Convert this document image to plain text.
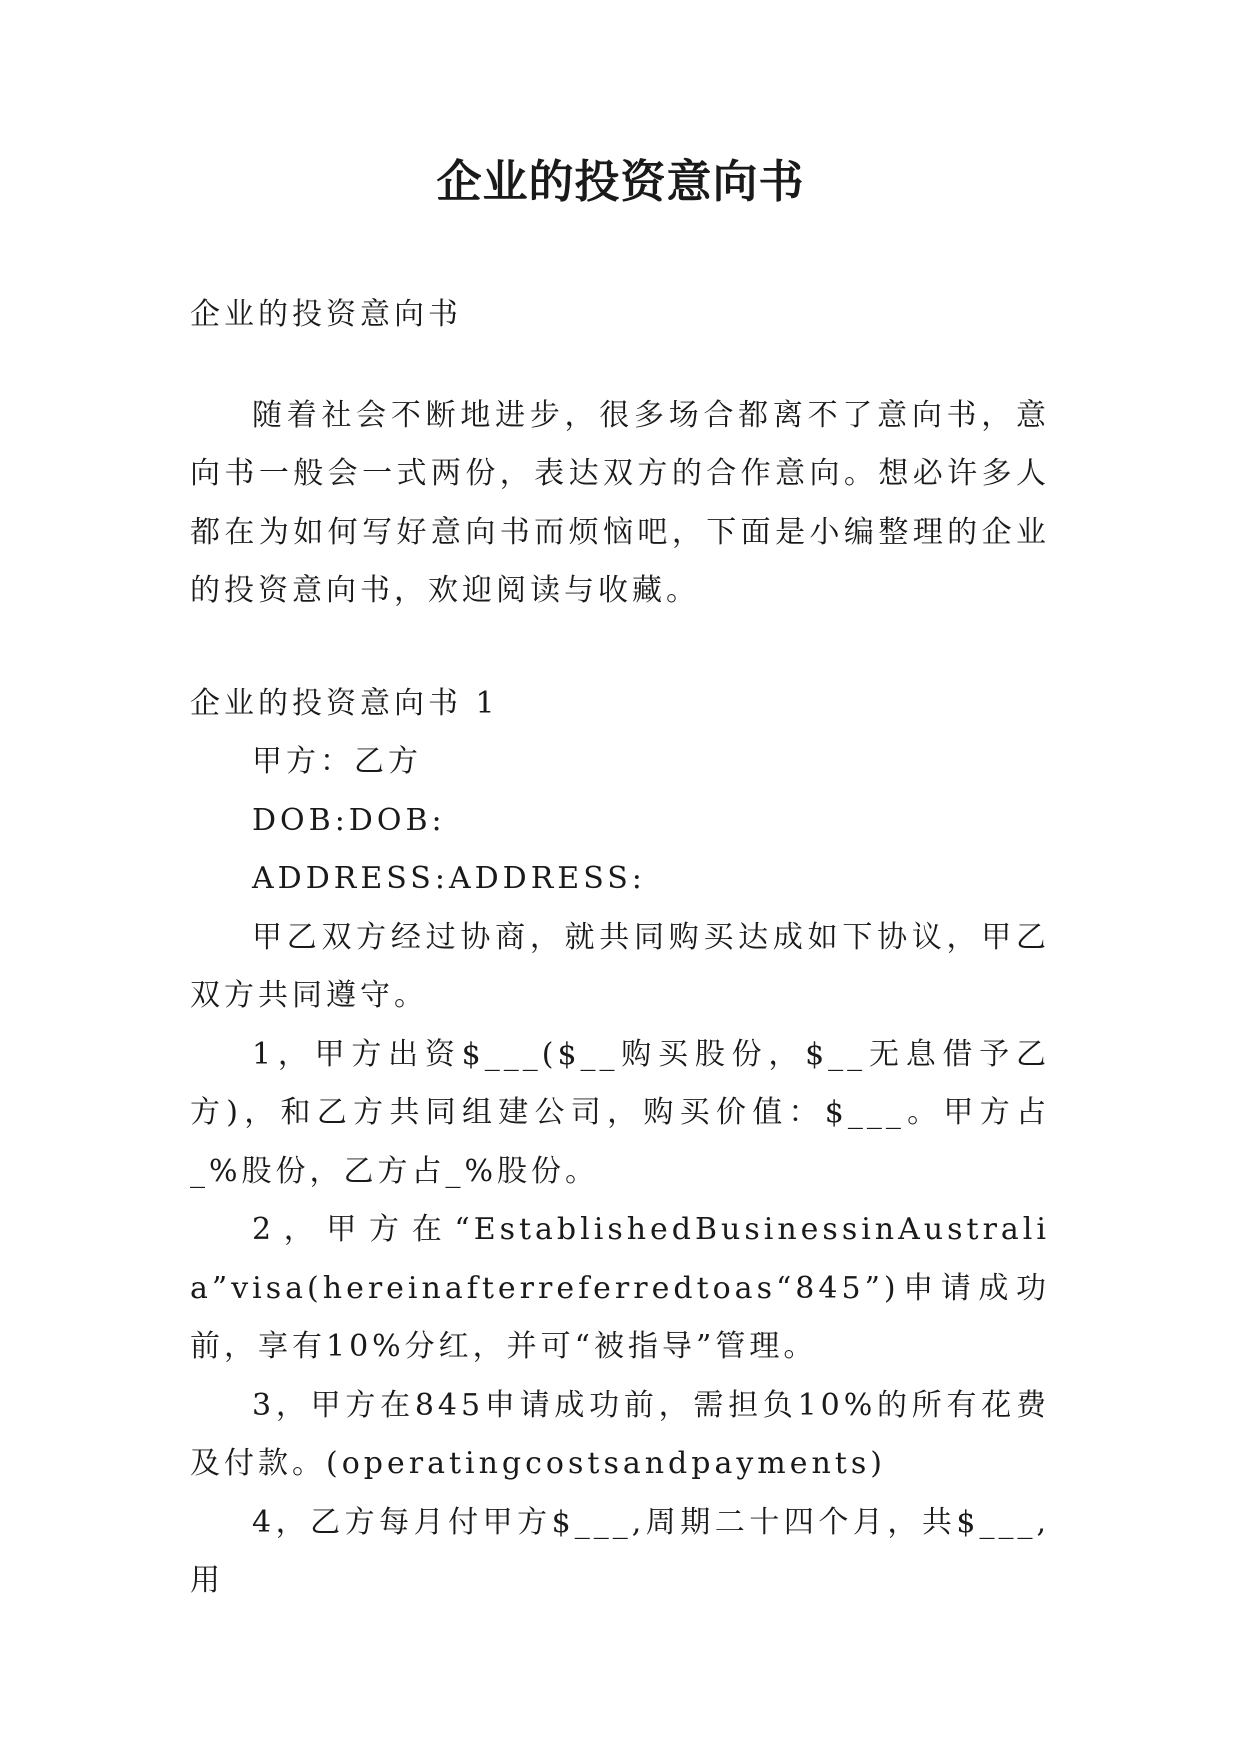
企业的投资意向书

企业的投资意向书

随着社会不断地进步，很多场合都离不了意向书，意向书一般会一式两份，表达双方的合作意向。想必许多人都在为如何写好意向书而烦恼吧，下面是小编整理的企业的投资意向书，欢迎阅读与收藏。

企业的投资意向书 1

甲方：乙方

DOB:DOB:

ADDRESS:ADDRESS:

甲乙双方经过协商，就共同购买达成如下协议，甲乙双方共同遵守。

1，甲方出资$___($__购买股份，$__无息借予乙方)，和乙方共同组建公司，购买价值：$___。甲方占_%股份，乙方占_%股份。

2，甲方在“EstablishedBusinessinAustralia”visa(hereinafterreferredtoas“845”)申请成功前，享有10%分红，并可“被指导”管理。

3，甲方在845申请成功前，需担负10%的所有花费及付款。(operatingcostsandpayments)

4，乙方每月付甲方$___,周期二十四个月，共$___,用
